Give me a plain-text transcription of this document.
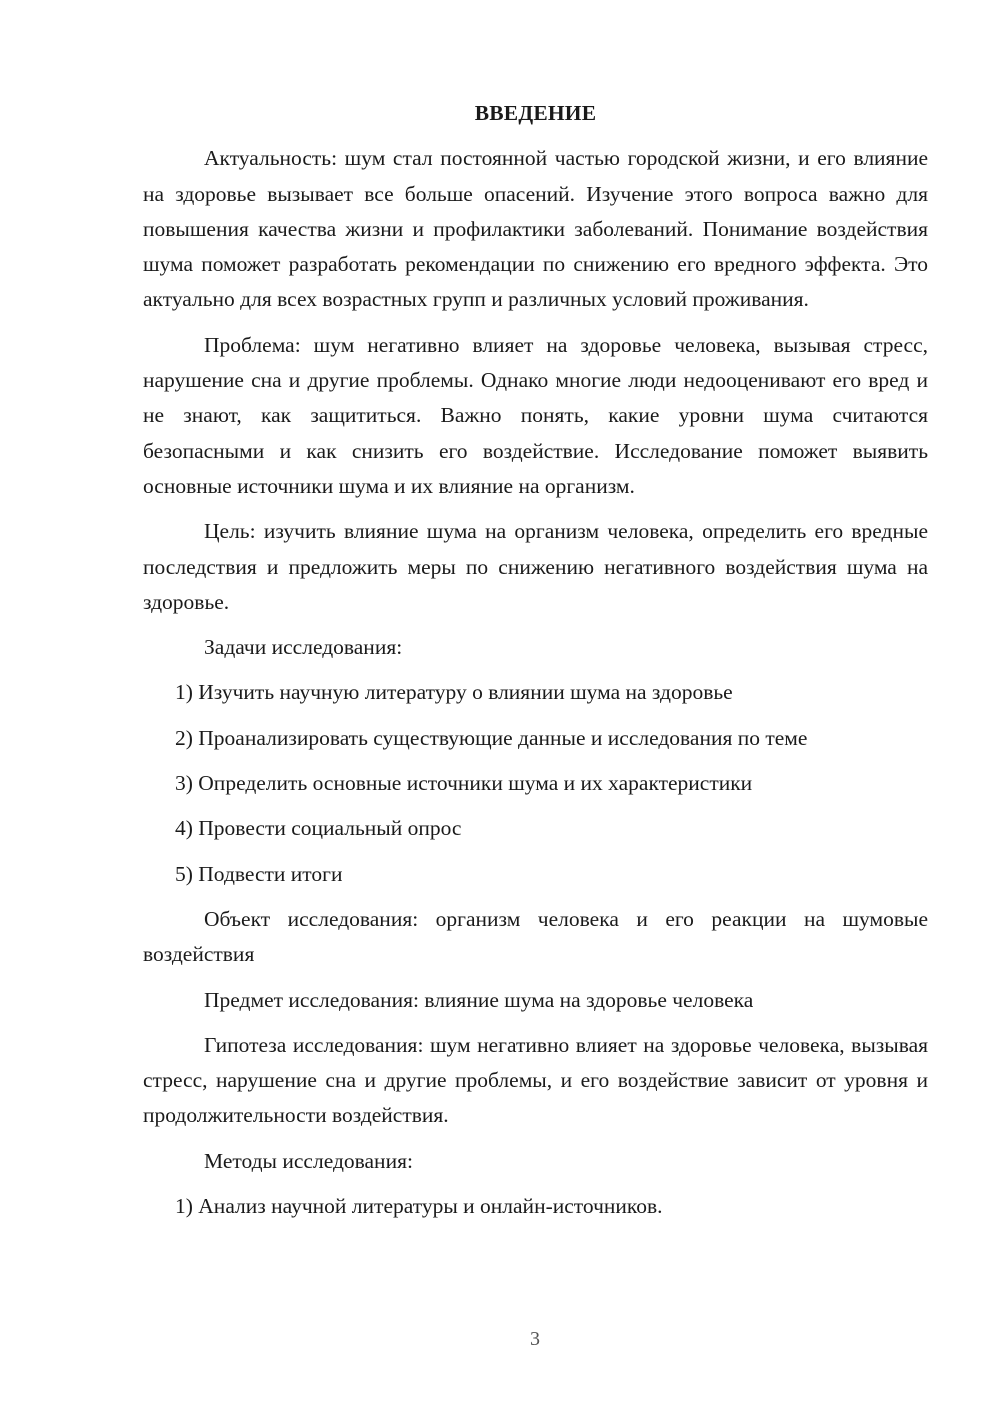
ВВЕДЕНИЕ

Актуальность: шум стал постоянной частью городской жизни, и его влияние на здоровье вызывает все больше опасений. Изучение этого вопроса важно для повышения качества жизни и профилактики заболеваний. Понимание воздействия шума поможет разработать рекомендации по снижению его вредного эффекта. Это актуально для всех возрастных групп и различных условий проживания.

Проблема: шум негативно влияет на здоровье человека, вызывая стресс, нарушение сна и другие проблемы. Однако многие люди недооценивают его вред и не знают, как защититься. Важно понять, какие уровни шума считаются безопасными и как снизить его воздействие. Исследование поможет выявить основные источники шума и их влияние на организм.

Цель: изучить влияние шума на организм человека, определить его вредные последствия и предложить меры по снижению негативного воздействия шума на здоровье.

Задачи исследования:

1) Изучить научную литературу о влиянии шума на здоровье

2) Проанализировать существующие данные и исследования по теме

3) Определить основные источники шума и их характеристики

4) Провести социальный опрос

5) Подвести итоги

Объект исследования: организм человека и его реакции на шумовые воздействия

Предмет исследования: влияние шума на здоровье человека

Гипотеза исследования: шум негативно влияет на здоровье человека, вызывая стресс, нарушение сна и другие проблемы, и его воздействие зависит от уровня и продолжительности воздействия.

Методы исследования:

1) Анализ научной литературы и онлайн-источников.

3
